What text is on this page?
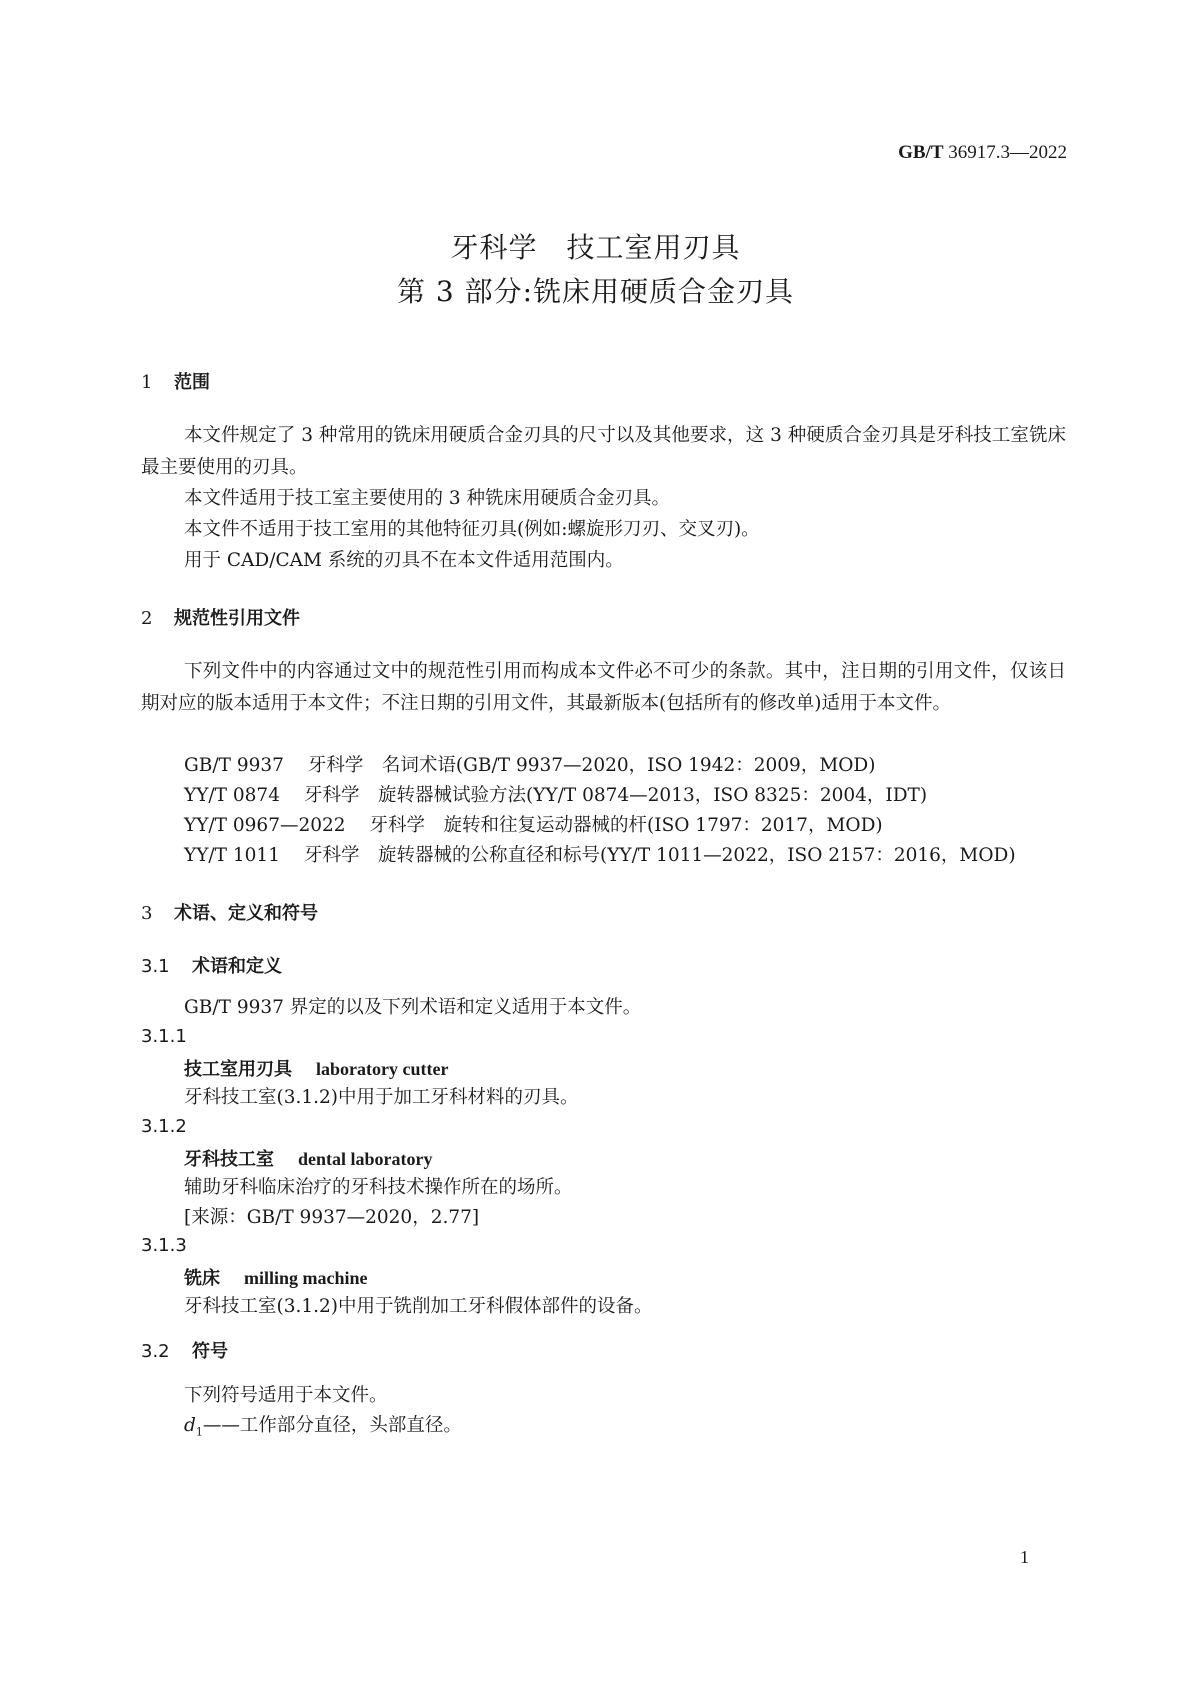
GB/T 36917.3—2022
牙科学　技工室用刃具
第 3 部分:铣床用硬质合金刃具
1 范围
本文件规定了 3 种常用的铣床用硬质合金刃具的尺寸以及其他要求，这 3 种硬质合金刃具是牙科技工室铣床最主要使用的刃具。
本文件适用于技工室主要使用的 3 种铣床用硬质合金刃具。
本文件不适用于技工室用的其他特征刃具(例如:螺旋形刀刃、交叉刃)。
用于 CAD/CAM 系统的刃具不在本文件适用范围内。
2 规范性引用文件
下列文件中的内容通过文中的规范性引用而构成本文件必不可少的条款。其中，注日期的引用文件，仅该日期对应的版本适用于本文件；不注日期的引用文件，其最新版本(包括所有的修改单)适用于本文件。
GB/T 9937 牙科学　名词术语(GB/T 9937—2020，ISO 1942：2009，MOD)
YY/T 0874 牙科学　旋转器械试验方法(YY/T 0874—2013，ISO 8325：2004，IDT)
YY/T 0967—2022 牙科学　旋转和往复运动器械的杆(ISO 1797：2017，MOD)
YY/T 1011 牙科学　旋转器械的公称直径和标号(YY/T 1011—2022，ISO 2157：2016，MOD)
3 术语、定义和符号
3.1 术语和定义
GB/T 9937 界定的以及下列术语和定义适用于本文件。
3.1.1
技工室用刃具 laboratory cutter
牙科技工室(3.1.2)中用于加工牙科材料的刃具。
3.1.2
牙科技工室 dental laboratory
辅助牙科临床治疗的牙科技术操作所在的场所。
[来源：GB/T 9937—2020，2.77]
3.1.3
铣床 milling machine
牙科技工室(3.1.2)中用于铣削加工牙科假体部件的设备。
3.2 符号
下列符号适用于本文件。
$d_1——$工作部分直径，头部直径。
1
